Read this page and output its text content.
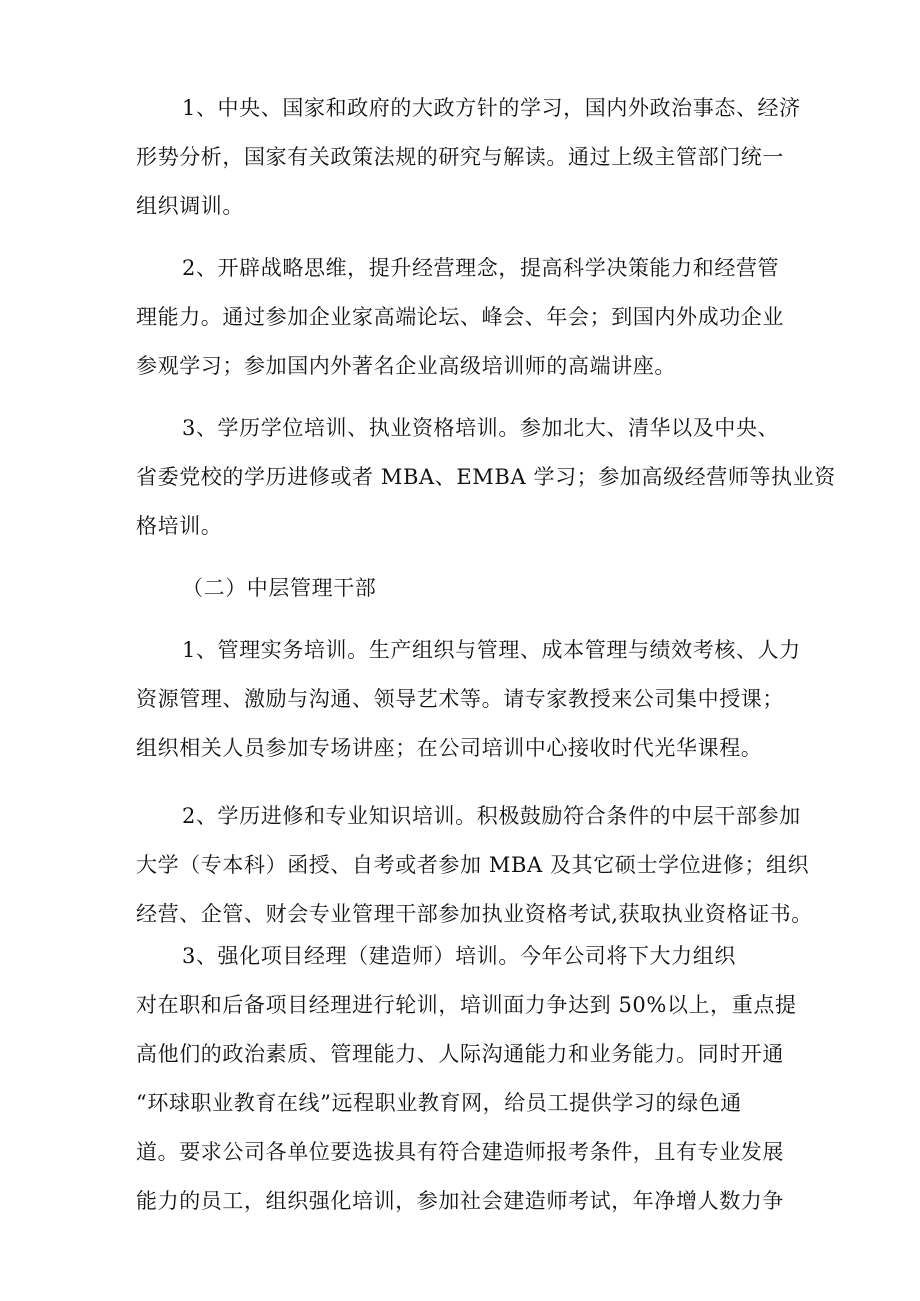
1、中央、国家和政府的大政方针的学习，国内外政治事态、经济

形势分析，国家有关政策法规的研究与解读。通过上级主管部门统一

组织调训。

2、开辟战略思维，提升经营理念，提高科学决策能力和经营管

理能力。通过参加企业家高端论坛、峰会、年会；到国内外成功企业

参观学习；参加国内外著名企业高级培训师的高端讲座。

3、学历学位培训、执业资格培训。参加北大、清华以及中央、

省委党校的学历进修或者 MBA、EMBA 学习；参加高级经营师等执业资

格培训。

（二）中层管理干部

1、管理实务培训。生产组织与管理、成本管理与绩效考核、人力

资源管理、激励与沟通、领导艺术等。请专家教授来公司集中授课；

组织相关人员参加专场讲座；在公司培训中心接收时代光华课程。

2、学历进修和专业知识培训。积极鼓励符合条件的中层干部参加

大学（专本科）函授、自考或者参加 MBA 及其它硕士学位进修；组织

经营、企管、财会专业管理干部参加执业资格考试,获取执业资格证书。

3、强化项目经理（建造师）培训。今年公司将下大力组织

对在职和后备项目经理进行轮训，培训面力争达到 50%以上，重点提

高他们的政治素质、管理能力、人际沟通能力和业务能力。同时开通

“环球职业教育在线”远程职业教育网，给员工提供学习的绿色通

道。要求公司各单位要选拔具有符合建造师报考条件，且有专业发展

能力的员工，组织强化培训，参加社会建造师考试，年净增人数力争
